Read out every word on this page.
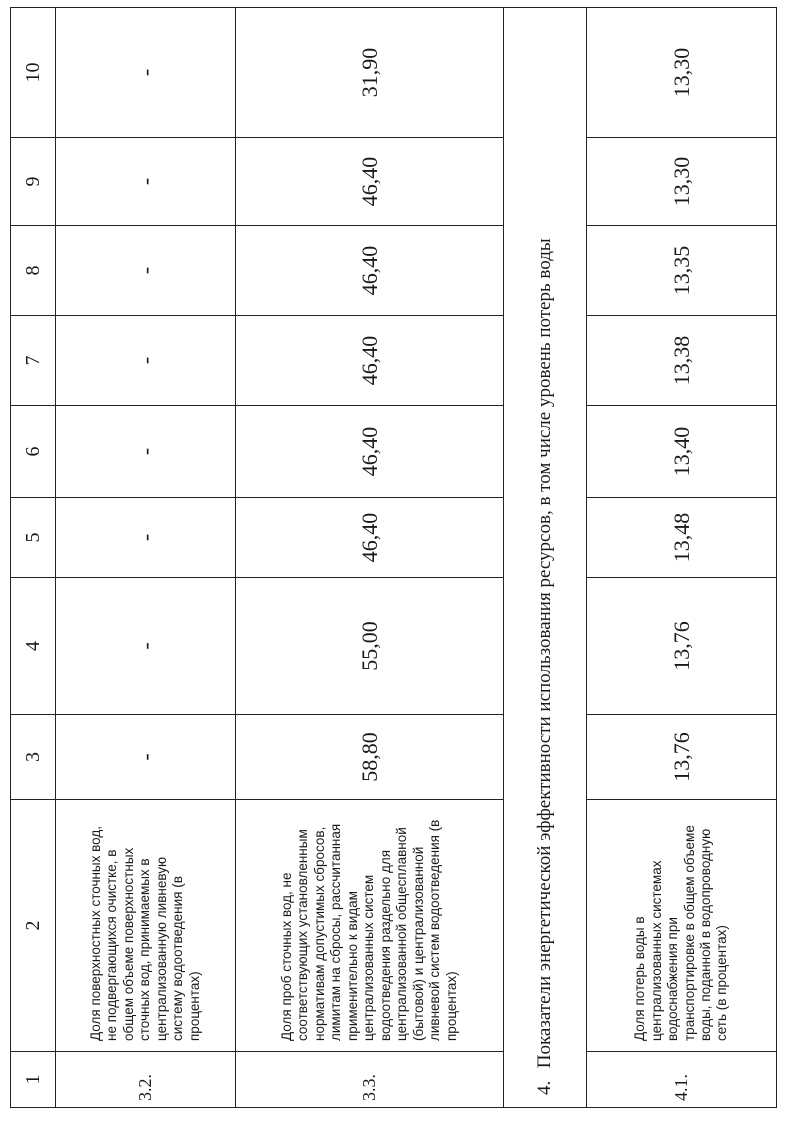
1	2	3	4	5	6	7	8	9	10
3.2.	Доля поверхностных сточных вод, не подвергающихся очистке, в общем объеме поверхностных сточных вод, принимаемых в централизованную ливневую систему водоотведения (в процентах)	-	-	-	-	-	-	-	-
3.3.	Доля проб сточных вод, не соответствующих установленным нормативам допустимых сбросов, лимитам на сбросы, рассчитанная применительно к видам централизованных систем водоотведения раздельно для централизованной общесплавной (бытовой) и централизованной ливневой систем водоотведения (в процентах)	58,80	55,00	46,40	46,40	46,40	46,40	46,40	31,90
4. Показатели энергетической эффективности использования ресурсов, в том числе уровень потерь воды									
4.1.	Доля потерь воды в централизованных системах водоснабжения при транспортировке в общем объеме воды, поданной в водопроводную сеть (в процентах)	13,76	13,76	13,48	13,40	13,38	13,35	13,30	13,30
